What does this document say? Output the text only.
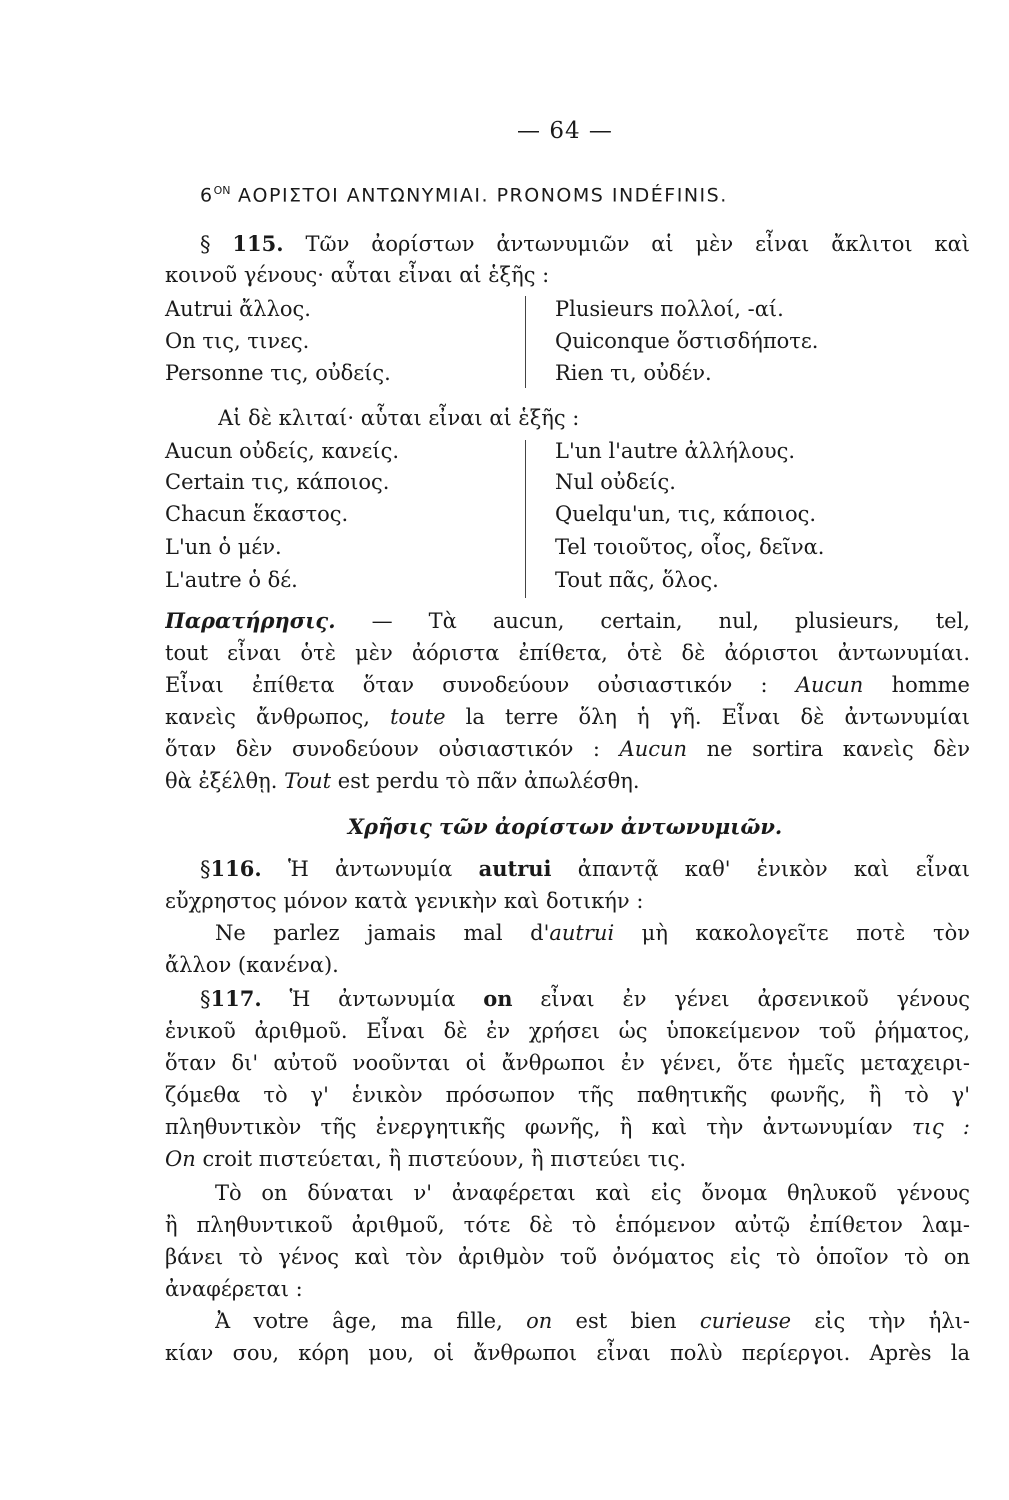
— 64 —
$6^{ON}$ ΑΟΡΙΣΤΟΙ ΑΝΤΩΝΥΜΙΑΙ. PRONOMS INDÉFINIS.
§ 115. Τῶν ἀορίστων ἀντωνυμιῶν αἱ μὲν εἶναι ἄκλιτοι καὶ
κοινοῦ γένους· αὗται εἶναι αἱ ἑξῆς :
Autrui ἄλλος.
On τις, τινες.
Personne τις, οὐδείς.
Plusieurs πολλοί, -αί.
Quiconque ὅστισδήποτε.
Rien τι, οὐδέν.
Αἱ δὲ κλιταί· αὗται εἶναι αἱ ἑξῆς :
Aucun οὐδείς, κανείς.
Certain τις, κάποιος.
Chacun ἕκαστος.
L'un ὁ μέν.
L'autre ὁ δέ.
L'un l'autre ἀλλήλους.
Nul οὐδείς.
Quelqu'un, τις, κάποιος.
Tel τοιοῦτος, οἷος, δεῖνα.
Tout πᾶς, ὅλος.
Παρατήρησις. — Τὰ aucun, certain, nul, plusieurs, tel,
tout εἶναι ὁτὲ μὲν ἀόριστα ἐπίθετα, ὁτὲ δὲ ἀόριστοι ἀντωνυμίαι.
Εἶναι ἐπίθετα ὅταν συνοδεύουν οὐσιαστικόν : Aucun homme
κανεὶς ἄνθρωπος, toute la terre ὅλη ἡ γῆ. Εἶναι δὲ ἀντωνυμίαι
ὅταν δὲν συνοδεύουν οὐσιαστικόν : Aucun ne sortira κανεὶς δὲν
θὰ ἐξέλθῃ. Tout est perdu τὸ πᾶν ἀπωλέσθη.
Χρῆσις τῶν ἀορίστων ἀντωνυμιῶν.
§116. Ἡ ἀντωνυμία autrui ἀπαντᾷ καθ' ἑνικὸν καὶ εἶναι
εὔχρηστος μόνον κατὰ γενικὴν καὶ δοτικήν :
Ne parlez jamais mal d'autrui μὴ κακολογεῖτε ποτὲ τὸν
ἄλλον (κανένα).
§117. Ἡ ἀντωνυμία on εἶναι ἐν γένει ἀρσενικοῦ γένους
ἑνικοῦ ἀριθμοῦ. Εἶναι δὲ ἐν χρήσει ὡς ὑποκείμενον τοῦ ῥήματος,
ὅταν δι' αὐτοῦ νοοῦνται οἱ ἄνθρωποι ἐν γένει, ὅτε ἡμεῖς μεταχειρι-
ζόμεθα τὸ γ' ἑνικὸν πρόσωπον τῆς παθητικῆς φωνῆς, ἢ τὸ γ'
πληθυντικὸν τῆς ἐνεργητικῆς φωνῆς, ἢ καὶ τὴν ἀντωνυμίαν τις :
On croit πιστεύεται, ἢ πιστεύουν, ἢ πιστεύει τις.
Τὸ on δύναται ν' ἀναφέρεται καὶ εἰς ὄνομα θηλυκοῦ γένους
ἢ πληθυντικοῦ ἀριθμοῦ, τότε δὲ τὸ ἑπόμενον αὐτῷ ἐπίθετον λαμ-
βάνει τὸ γένος καὶ τὸν ἀριθμὸν τοῦ ὀνόματος εἰς τὸ ὁποῖον τὸ on
ἀναφέρεται :
Ἀ votre âge, ma fille, on est bien curieuse εἰς τὴν ἡλι-
κίαν σου, κόρη μου, οἱ ἄνθρωποι εἶναι πολὺ περίεργοι. Après la
